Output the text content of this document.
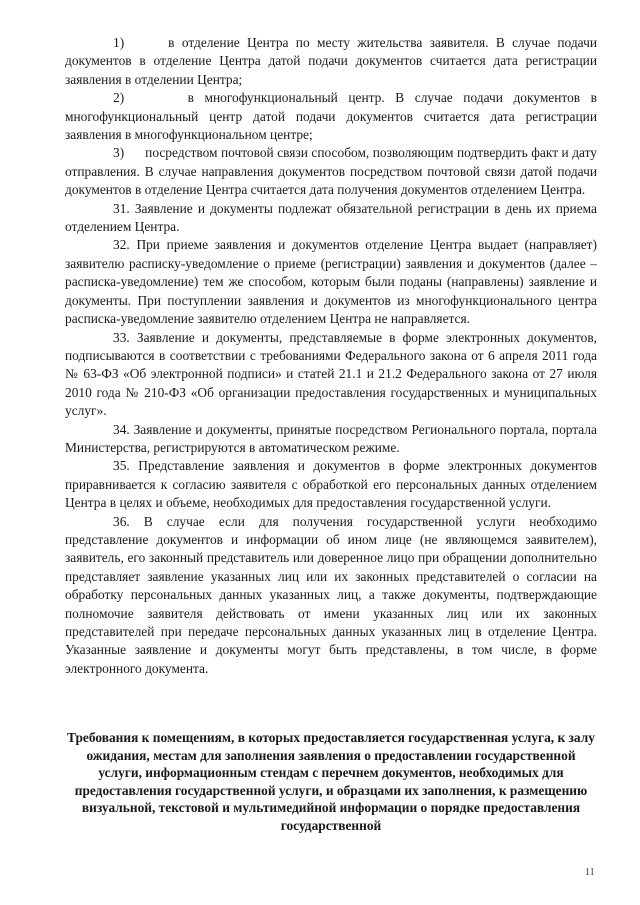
1)      в отделение Центра по месту жительства заявителя. В случае подачи документов в отделение Центра датой подачи документов считается дата регистрации заявления в отделении Центра;

2)      в многофункциональный центр. В случае подачи документов в многофункциональный центр датой подачи документов считается дата регистрации заявления в многофункциональном центре;

3)      посредством почтовой связи способом, позволяющим подтвердить факт и дату отправления. В случае направления документов посредством почтовой связи датой подачи документов в отделение Центра считается дата получения документов отделением Центра.

31. Заявление и документы подлежат обязательной регистрации в день их приема отделением Центра.

32. При приеме заявления и документов отделение Центра выдает (направляет) заявителю расписку-уведомление о приеме (регистрации) заявления и документов (далее – расписка-уведомление) тем же способом, которым были поданы (направлены) заявление и документы. При поступлении заявления и документов из многофункционального центра расписка-уведомление заявителю отделением Центра не направляется.

33. Заявление и документы, представляемые в форме электронных документов, подписываются в соответствии с требованиями Федерального закона от 6 апреля 2011 года № 63-ФЗ «Об электронной подписи» и статей 21.1 и 21.2 Федерального закона от 27 июля 2010 года № 210-ФЗ «Об организации предоставления государственных и муниципальных услуг».

34. Заявление и документы, принятые посредством Регионального портала, портала Министерства, регистрируются в автоматическом режиме.

35. Представление заявления и документов в форме электронных документов приравнивается к согласию заявителя с обработкой его персональных данных отделением Центра в целях и объеме, необходимых для предоставления государственной услуги.

36. В случае если для получения государственной услуги необходимо представление документов и информации об ином лице (не являющемся заявителем), заявитель, его законный представитель или доверенное лицо при обращении дополнительно представляет заявление указанных лиц или их законных представителей о согласии на обработку персональных данных указанных лиц, а также документы, подтверждающие полномочие заявителя действовать от имени указанных лиц или их законных представителей при передаче персональных данных указанных лиц в отделение Центра. Указанные заявление и документы могут быть представлены, в том числе, в форме электронного документа.

Требования к помещениям, в которых предоставляется государственная услуга, к залу ожидания, местам для заполнения заявления о предоставлении государственной услуги, информационным стендам с перечнем документов, необходимых для предоставления государственной услуги, и образцами их заполнения, к размещению визуальной, текстовой и мультимедийной информации о порядке предоставления государственной

11
